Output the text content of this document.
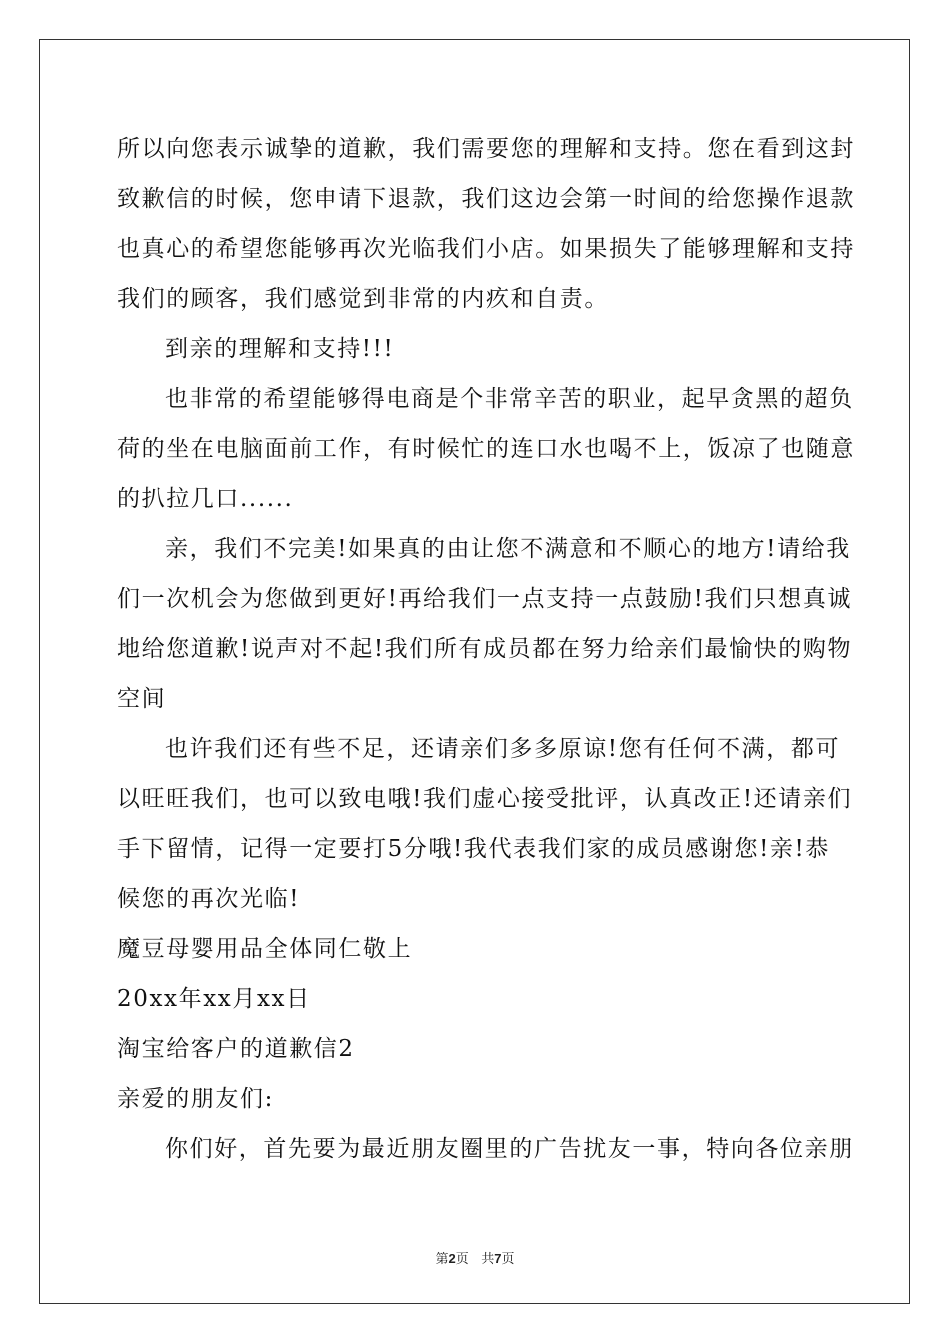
所以向您表示诚挚的道歉，我们需要您的理解和支持。您在看到这封
致歉信的时候，您申请下退款，我们这边会第一时间的给您操作退款
也真心的希望您能够再次光临我们小店。如果损失了能够理解和支持
我们的顾客，我们感觉到非常的内疚和自责。
到亲的理解和支持!!!
也非常的希望能够得电商是个非常辛苦的职业，起早贪黑的超负
荷的坐在电脑面前工作，有时候忙的连口水也喝不上，饭凉了也随意
的扒拉几口......
亲，我们不完美!如果真的由让您不满意和不顺心的地方!请给我
们一次机会为您做到更好!再给我们一点支持一点鼓励!我们只想真诚
地给您道歉!说声对不起!我们所有成员都在努力给亲们最愉快的购物
空间
也许我们还有些不足，还请亲们多多原谅!您有任何不满，都可
以旺旺我们，也可以致电哦!我们虚心接受批评，认真改正!还请亲们
手下留情，记得一定要打5分哦!我代表我们家的成员感谢您!亲!恭
候您的再次光临!
魔豆母婴用品全体同仁敬上
20xx年xx月xx日
淘宝给客户的道歉信2
亲爱的朋友们:
你们好，首先要为最近朋友圈里的广告扰友一事，特向各位亲朋
第2页 共7页
